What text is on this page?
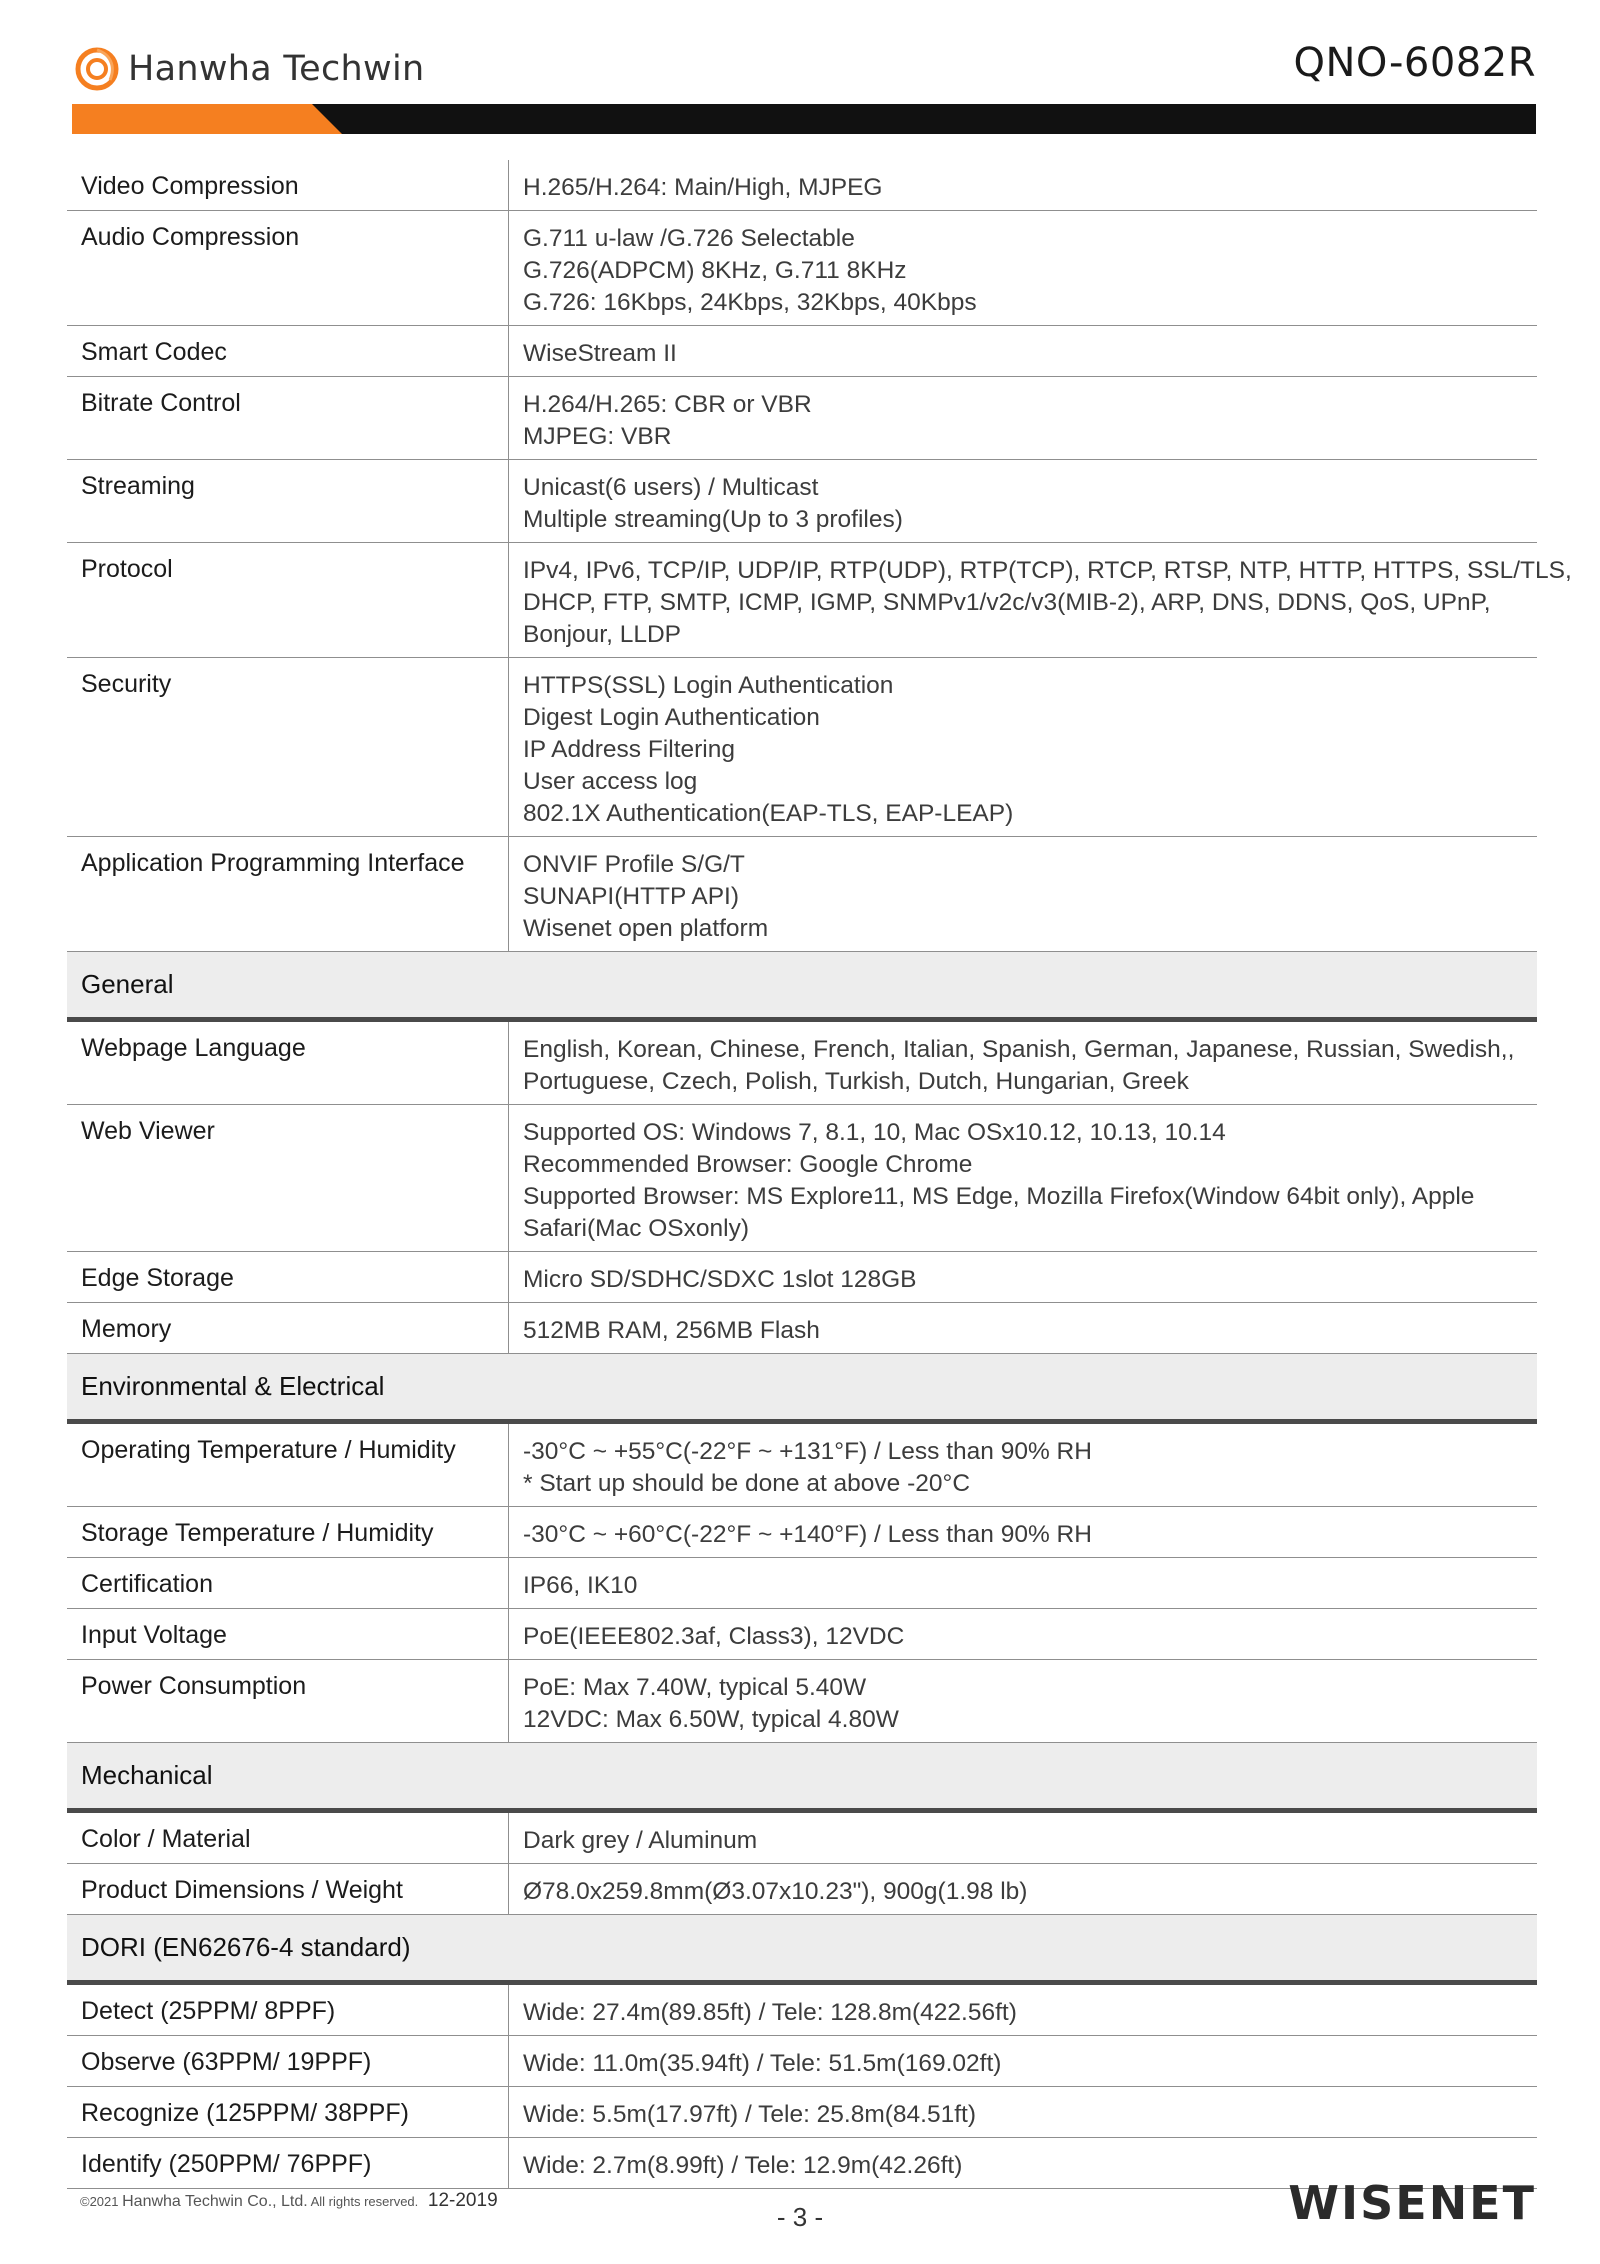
Hanwha Techwin	QNO-6082R
Video Compression	H.265/H.264: Main/High, MJPEG
Audio Compression	G.711 u-law /G.726 Selectable
G.726(ADPCM) 8KHz, G.711 8KHz
G.726: 16Kbps, 24Kbps, 32Kbps, 40Kbps
Smart Codec	WiseStream II
Bitrate Control	H.264/H.265: CBR or VBR
MJPEG: VBR
Streaming	Unicast(6 users) / Multicast
Multiple streaming(Up to 3 profiles)
Protocol	IPv4, IPv6, TCP/IP, UDP/IP, RTP(UDP), RTP(TCP), RTCP, RTSP, NTP, HTTP, HTTPS, SSL/TLS,
DHCP, FTP, SMTP, ICMP, IGMP, SNMPv1/v2c/v3(MIB-2), ARP, DNS, DDNS, QoS, UPnP,
Bonjour, LLDP
Security	HTTPS(SSL) Login Authentication
Digest Login Authentication
IP Address Filtering
User access log
802.1X Authentication(EAP-TLS, EAP-LEAP)
Application Programming Interface	ONVIF Profile S/G/T
SUNAPI(HTTP API)
Wisenet open platform
General
Webpage Language	English, Korean, Chinese, French, Italian, Spanish, German, Japanese, Russian, Swedish,,
Portuguese, Czech, Polish, Turkish, Dutch, Hungarian, Greek
Web Viewer	Supported OS: Windows 7, 8.1, 10, Mac OSx10.12, 10.13, 10.14
Recommended Browser: Google Chrome
Supported Browser: MS Explore11, MS Edge, Mozilla Firefox(Window 64bit only), Apple
Safari(Mac OSxonly)
Edge Storage	Micro SD/SDHC/SDXC 1slot 128GB
Memory	512MB RAM, 256MB Flash
Environmental & Electrical
Operating Temperature / Humidity	-30°C ~ +55°C(-22°F ~ +131°F) / Less than 90% RH
* Start up should be done at above -20°C
Storage Temperature / Humidity	-30°C ~ +60°C(-22°F ~ +140°F) / Less than 90% RH
Certification	IP66, IK10
Input Voltage	PoE(IEEE802.3af, Class3), 12VDC
Power Consumption	PoE: Max 7.40W, typical 5.40W
12VDC: Max 6.50W, typical 4.80W
Mechanical
Color / Material	Dark grey / Aluminum
Product Dimensions / Weight	Ø78.0x259.8mm(Ø3.07x10.23"), 900g(1.98 lb)
DORI (EN62676-4 standard)
Detect (25PPM/ 8PPF)	Wide: 27.4m(89.85ft) / Tele: 128.8m(422.56ft)
Observe (63PPM/ 19PPF)	Wide: 11.0m(35.94ft) / Tele: 51.5m(169.02ft)
Recognize (125PPM/ 38PPF)	Wide: 5.5m(17.97ft) / Tele: 25.8m(84.51ft)
Identify (250PPM/ 76PPF)	Wide: 2.7m(8.99ft) / Tele: 12.9m(42.26ft)
©2021 Hanwha Techwin Co., Ltd. All rights reserved. 12-2019
- 3 -	WISENET
